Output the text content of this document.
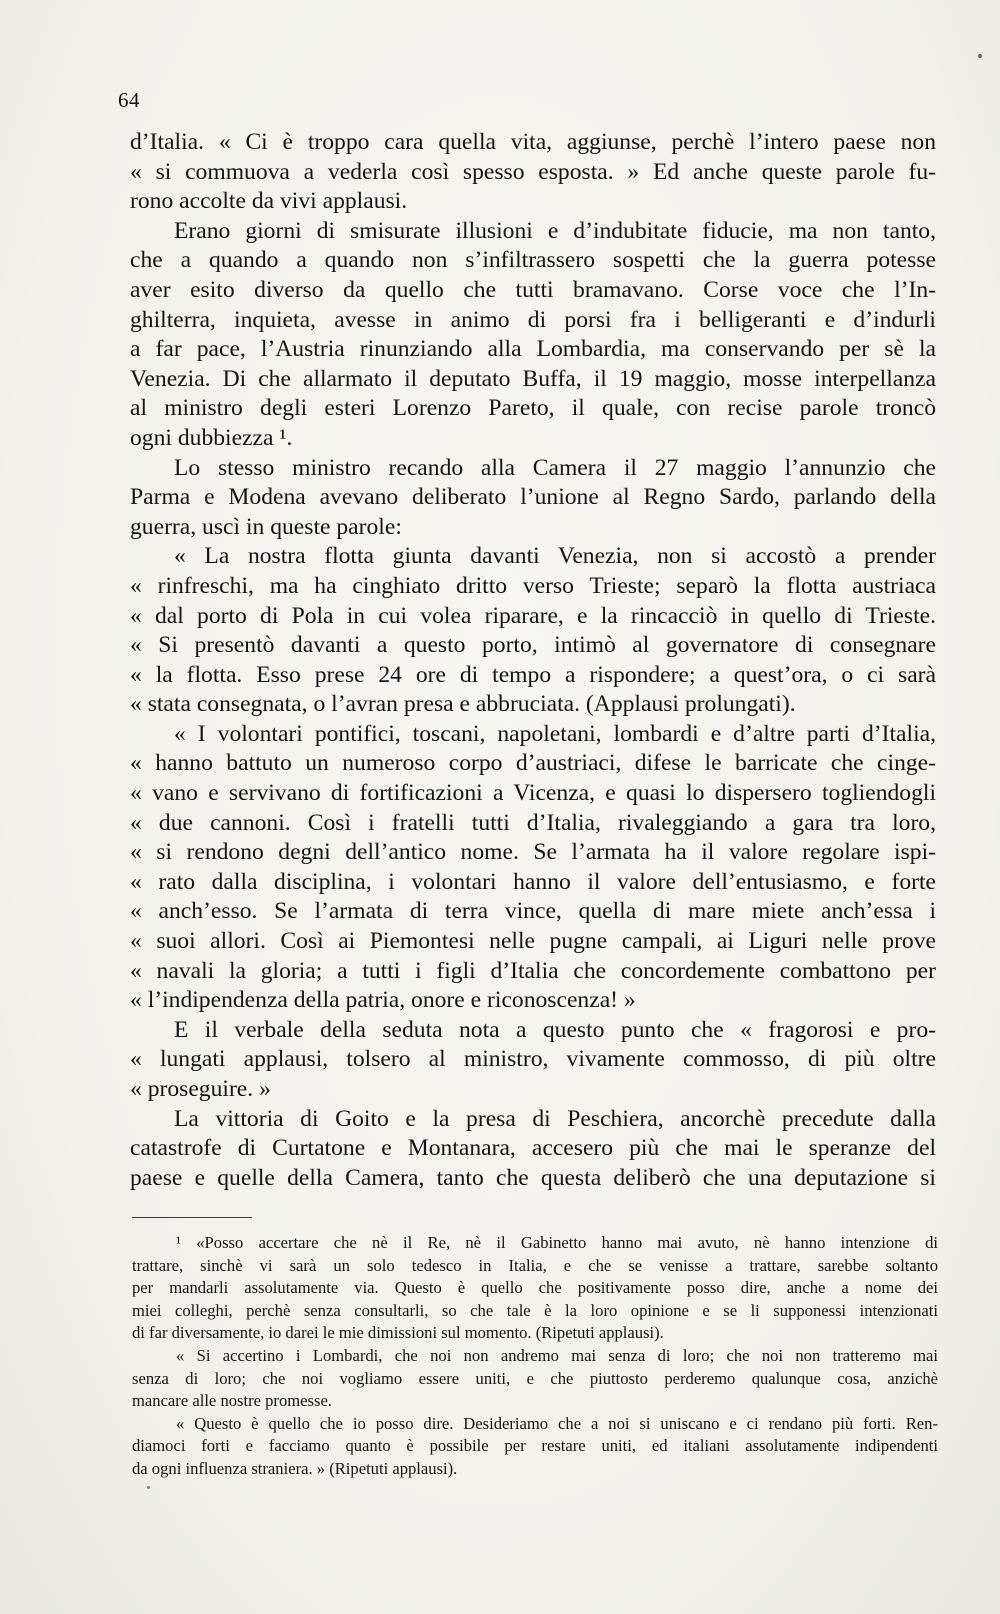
64
d’Italia. « Ci è troppo cara quella vita, aggiunse, perchè l’intero paese non
« si commuova a vederla così spesso esposta. » Ed anche queste parole fu-
rono accolte da vivi applausi.
Erano giorni di smisurate illusioni e d’indubitate fiducie, ma non tanto,
che a quando a quando non s’infiltrassero sospetti che la guerra potesse
aver esito diverso da quello che tutti bramavano. Corse voce che l’In-
ghilterra, inquieta, avesse in animo di porsi fra i belligeranti e d’indurli
a far pace, l’Austria rinunziando alla Lombardia, ma conservando per sè la
Venezia. Di che allarmato il deputato Buffa, il 19 maggio, mosse interpellanza
al ministro degli esteri Lorenzo Pareto, il quale, con recise parole troncò
ogni dubbiezza ¹.
Lo stesso ministro recando alla Camera il 27 maggio l’annunzio che
Parma e Modena avevano deliberato l’unione al Regno Sardo, parlando della
guerra, uscì in queste parole:
« La nostra flotta giunta davanti Venezia, non si accostò a prender
« rinfreschi, ma ha cinghiato dritto verso Trieste; separò la flotta austriaca
« dal porto di Pola in cui volea riparare, e la rincacciò in quello di Trieste.
« Si presentò davanti a questo porto, intimò al governatore di consegnare
« la flotta. Esso prese 24 ore di tempo a rispondere; a quest’ora, o ci sarà
« stata consegnata, o l’avran presa e abbruciata. (Applausi prolungati).
« I volontari pontifici, toscani, napoletani, lombardi e d’altre parti d’Italia,
« hanno battuto un numeroso corpo d’austriaci, difese le barricate che cinge-
« vano e servivano di fortificazioni a Vicenza, e quasi lo dispersero togliendogli
« due cannoni. Così i fratelli tutti d’Italia, rivaleggiando a gara tra loro,
« si rendono degni dell’antico nome. Se l’armata ha il valore regolare ispi-
« rato dalla disciplina, i volontari hanno il valore dell’entusiasmo, e forte
« anch’esso. Se l’armata di terra vince, quella di mare miete anch’essa i
« suoi allori. Così ai Piemontesi nelle pugne campali, ai Liguri nelle prove
« navali la gloria; a tutti i figli d’Italia che concordemente combattono per
« l’indipendenza della patria, onore e riconoscenza! »
E il verbale della seduta nota a questo punto che « fragorosi e pro-
« lungati applausi, tolsero al ministro, vivamente commosso, di più oltre
« proseguire. »
La vittoria di Goito e la presa di Peschiera, ancorchè precedute dalla
catastrofe di Curtatone e Montanara, accesero più che mai le speranze del
paese e quelle della Camera, tanto che questa deliberò che una deputazione si
¹ «Posso accertare che nè il Re, nè il Gabinetto hanno mai avuto, nè hanno intenzione di
trattare, sinchè vi sarà un solo tedesco in Italia, e che se venisse a trattare, sarebbe soltanto
per mandarli assolutamente via. Questo è quello che positivamente posso dire, anche a nome dei
miei colleghi, perchè senza consultarli, so che tale è la loro opinione e se li supponessi intenzionati
di far diversamente, io darei le mie dimissioni sul momento. (Ripetuti applausi).
« Si accertino i Lombardi, che noi non andremo mai senza di loro; che noi non tratteremo mai
senza di loro; che noi vogliamo essere uniti, e che piuttosto perderemo qualunque cosa, anzichè
mancare alle nostre promesse.
« Questo è quello che io posso dire. Desideriamo che a noi si uniscano e ci rendano più forti. Ren-
diamoci forti e facciamo quanto è possibile per restare uniti, ed italiani assolutamente indipendenti
da ogni influenza straniera. » (Ripetuti applausi).
